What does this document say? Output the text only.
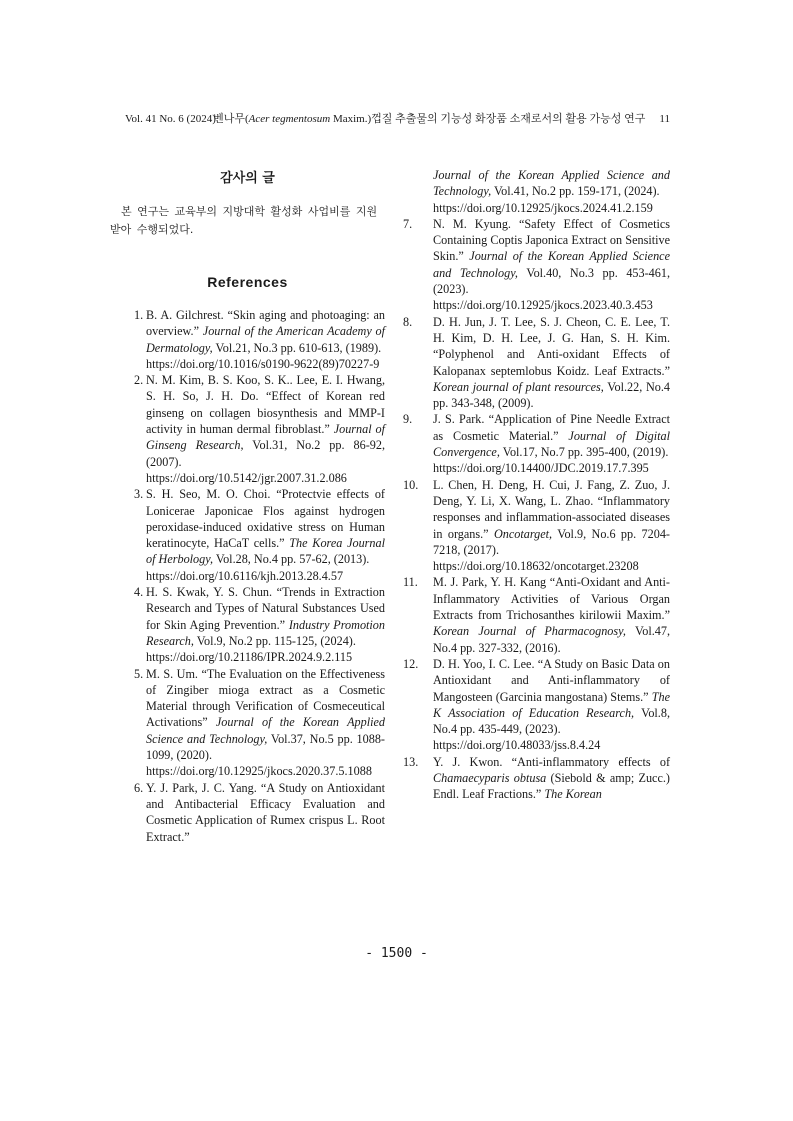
Vol. 41 No. 6 (2024)
벤나무(Acer tegmentosum Maxim.)껍질 추출물의 기능성 화장품 소재로서의 활용 가능성 연구 11
감사의 글

본 연구는 교육부의 지방대학 활성화 사업비를 지원받아 수행되었다.

References
1. B. A. Gilchrest. “Skin aging and photoaging: an overview.” Journal of the American Academy of Dermatology, Vol.21, No.3 pp. 610-613, (1989).
https://doi.org/10.1016/s0190-9622(89)70227-9
2. N. M. Kim, B. S. Koo, S. K.. Lee, E. I. Hwang, S. H. So, J. H. Do. “Effect of Korean red ginseng on collagen biosynthesis and MMP-I activity in human dermal fibroblast.” Journal of Ginseng Research, Vol.31, No.2 pp. 86-92, (2007).
https://doi.org/10.5142/jgr.2007.31.2.086
3. S. H. Seo, M. O. Choi. “Protectvie effects of Lonicerae Japonicae Flos against hydrogen peroxidase-induced oxidative stress on Human keratinocyte, HaCaT cells.” The Korea Journal of Herbology, Vol.28, No.4 pp. 57-62, (2013).
https://doi.org/10.6116/kjh.2013.28.4.57
4. H. S. Kwak, Y. S. Chun. “Trends in Extraction Research and Types of Natural Substances Used for Skin Aging Prevention.” Industry Promotion Research, Vol.9, No.2 pp. 115-125, (2024).
https://doi.org/10.21186/IPR.2024.9.2.115
5. M. S. Um. “The Evaluation on the Effectiveness of Zingiber mioga extract as a Cosmetic Material through Verification of Cosmeceutical Activations” Journal of the Korean Applied Science and Technology, Vol.37, No.5 pp. 1088-1099, (2020).
https://doi.org/10.12925/jkocs.2020.37.5.1088
6. Y. J. Park, J. C. Yang. “A Study on Antioxidant and Antibacterial Efficacy Evaluation and Cosmetic Application of Rumex crispus L. Root Extract.”

Journal of the Korean Applied Science and Technology, Vol.41, No.2 pp. 159-171, (2024).
https://doi.org/10.12925/jkocs.2024.41.2.159

7.	N. M. Kyung. “Safety Effect of Cosmetics Containing Coptis Japonica Extract on Sensitive Skin.” Journal of the Korean Applied Science and Technology, Vol.40, No.3 pp. 453-461, (2023).
https://doi.org/10.12925/jkocs.2023.40.3.453
8.	D. H. Jun, J. T. Lee, S. J. Cheon, C. E. Lee, T. H. Kim, D. H. Lee, J. G. Han, S. H. Kim. “Polyphenol and Anti-oxidant Effects of Kalopanax septemlobus Koidz. Leaf Extracts.” Korean journal of plant resources, Vol.22, No.4 pp. 343-348, (2009).
9.	J. S. Park. “Application of Pine Needle Extract as Cosmetic Material.” Journal of Digital Convergence, Vol.17, No.7 pp. 395-400, (2019).
https://doi.org/10.14400/JDC.2019.17.7.395
10.	L. Chen, H. Deng, H. Cui, J. Fang, Z. Zuo, J. Deng, Y. Li, X. Wang, L. Zhao. “Inflammatory responses and inflammation-associated diseases in organs.” Oncotarget, Vol.9, No.6 pp. 7204-7218, (2017).
https://doi.org/10.18632/oncotarget.23208
11.	M. J. Park, Y. H. Kang “Anti-Oxidant and Anti-Inflammatory Activities of Various Organ Extracts from Trichosanthes kirilowii Maxim.” Korean Journal of Pharmacognosy, Vol.47, No.4 pp. 327-332, (2016).
12.	D. H. Yoo, I. C. Lee. “A Study on Basic Data on Antioxidant and Anti-inflammatory of Mangosteen (Garcinia mangostana) Stems.” The K Association of Education Research, Vol.8, No.4 pp. 435-449, (2023).
https://doi.org/10.48033/jss.8.4.24
13.	Y. J. Kwon. “Anti-inflammatory effects of Chamaecyparis obtusa (Siebold & amp; Zucc.) Endl. Leaf Fractions.” The Korean
- 1500 -
